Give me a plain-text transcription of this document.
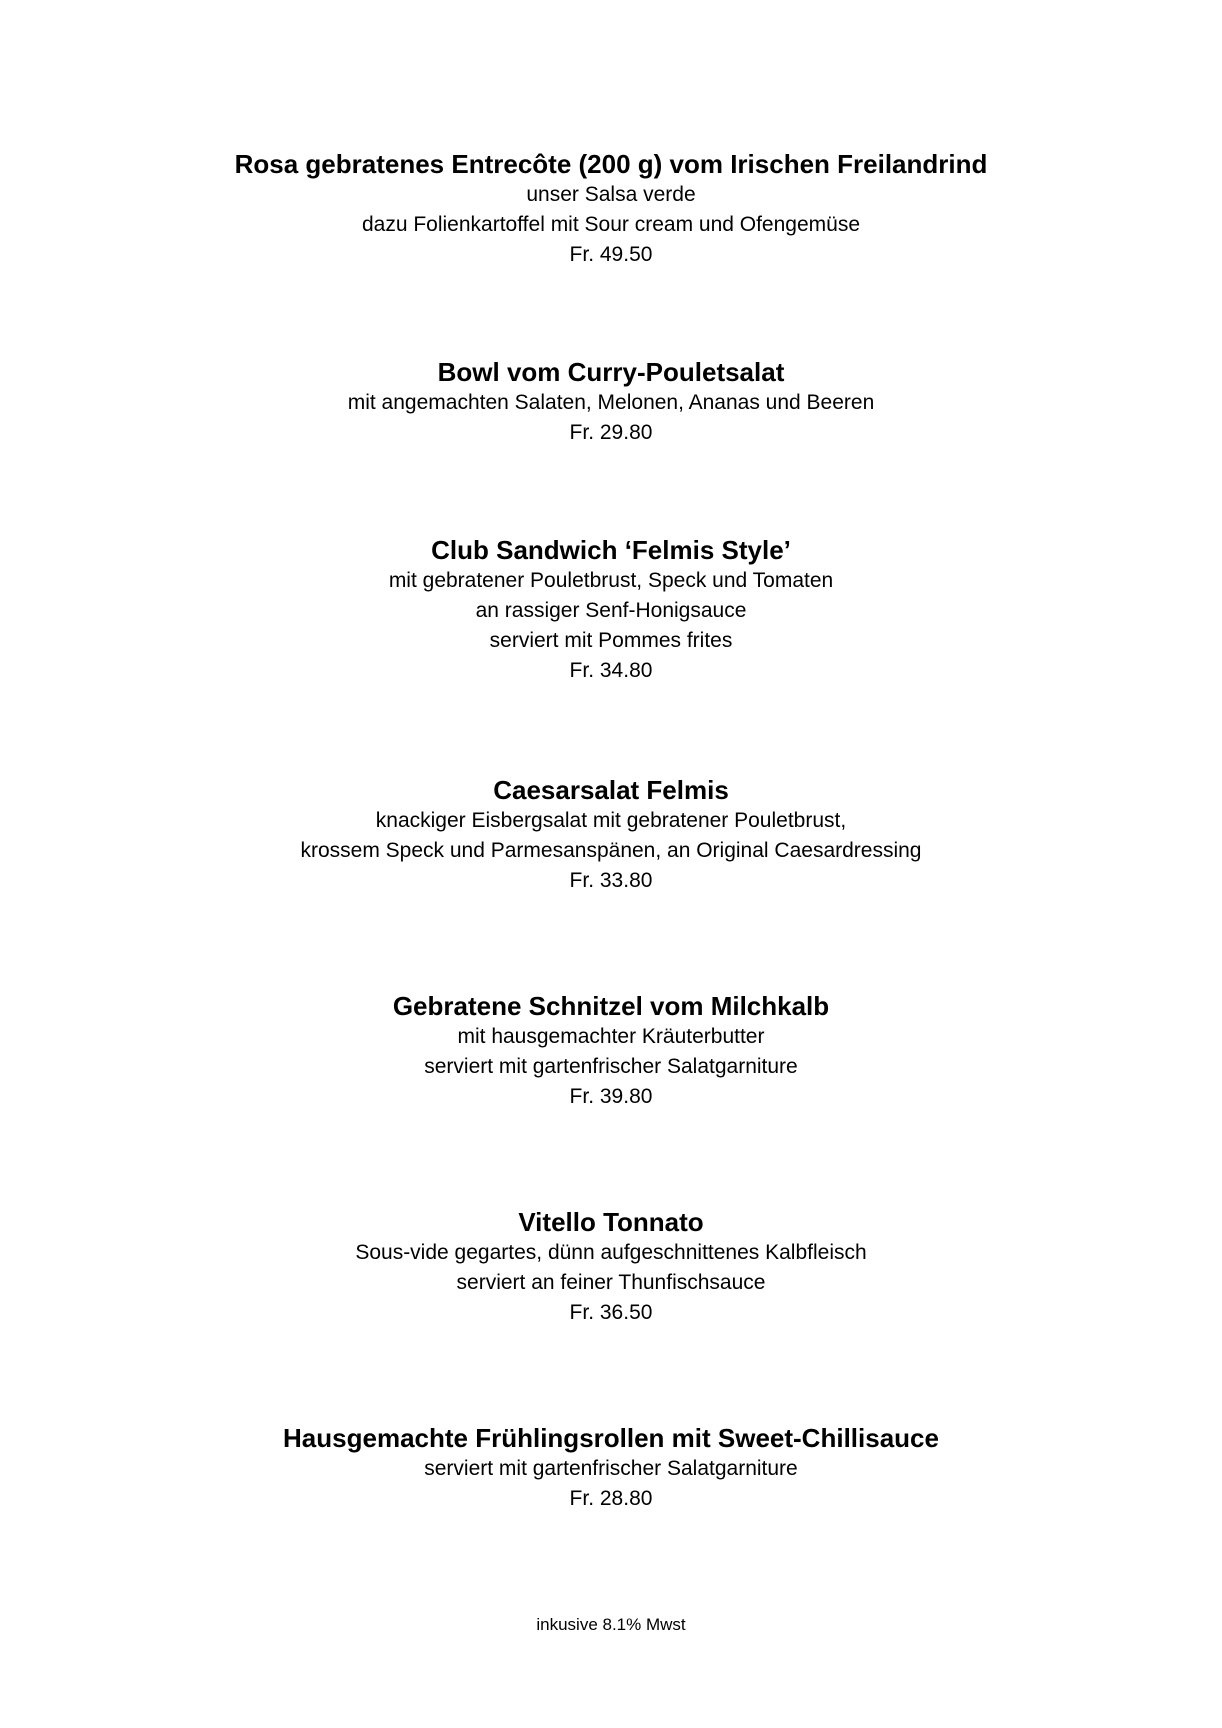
Rosa gebratenes Entrecôte (200 g) vom Irischen Freilandrind
unser Salsa verde
dazu Folienkartoffel mit Sour cream und Ofengemüse
Fr. 49.50
Bowl vom Curry-Pouletsalat
mit angemachten Salaten, Melonen, Ananas und Beeren
Fr. 29.80
Club Sandwich ‘Felmis Style’
mit gebratener Pouletbrust, Speck und Tomaten
an rassiger Senf-Honigsauce
serviert mit Pommes frites
Fr. 34.80
Caesarsalat Felmis
knackiger Eisbergsalat mit gebratener Pouletbrust,
krossem Speck und Parmesanspänen, an Original Caesardressing
Fr. 33.80
Gebratene Schnitzel vom Milchkalb
mit hausgemachter Kräuterbutter
serviert mit gartenfrischer Salatgarniture
Fr. 39.80
Vitello Tonnato
Sous-vide gegartes, dünn aufgeschnittenes Kalbfleisch
serviert an feiner Thunfischsauce
Fr. 36.50
Hausgemachte Frühlingsrollen mit Sweet-Chillisauce
serviert mit gartenfrischer Salatgarniture
Fr. 28.80
inkusive 8.1% Mwst
